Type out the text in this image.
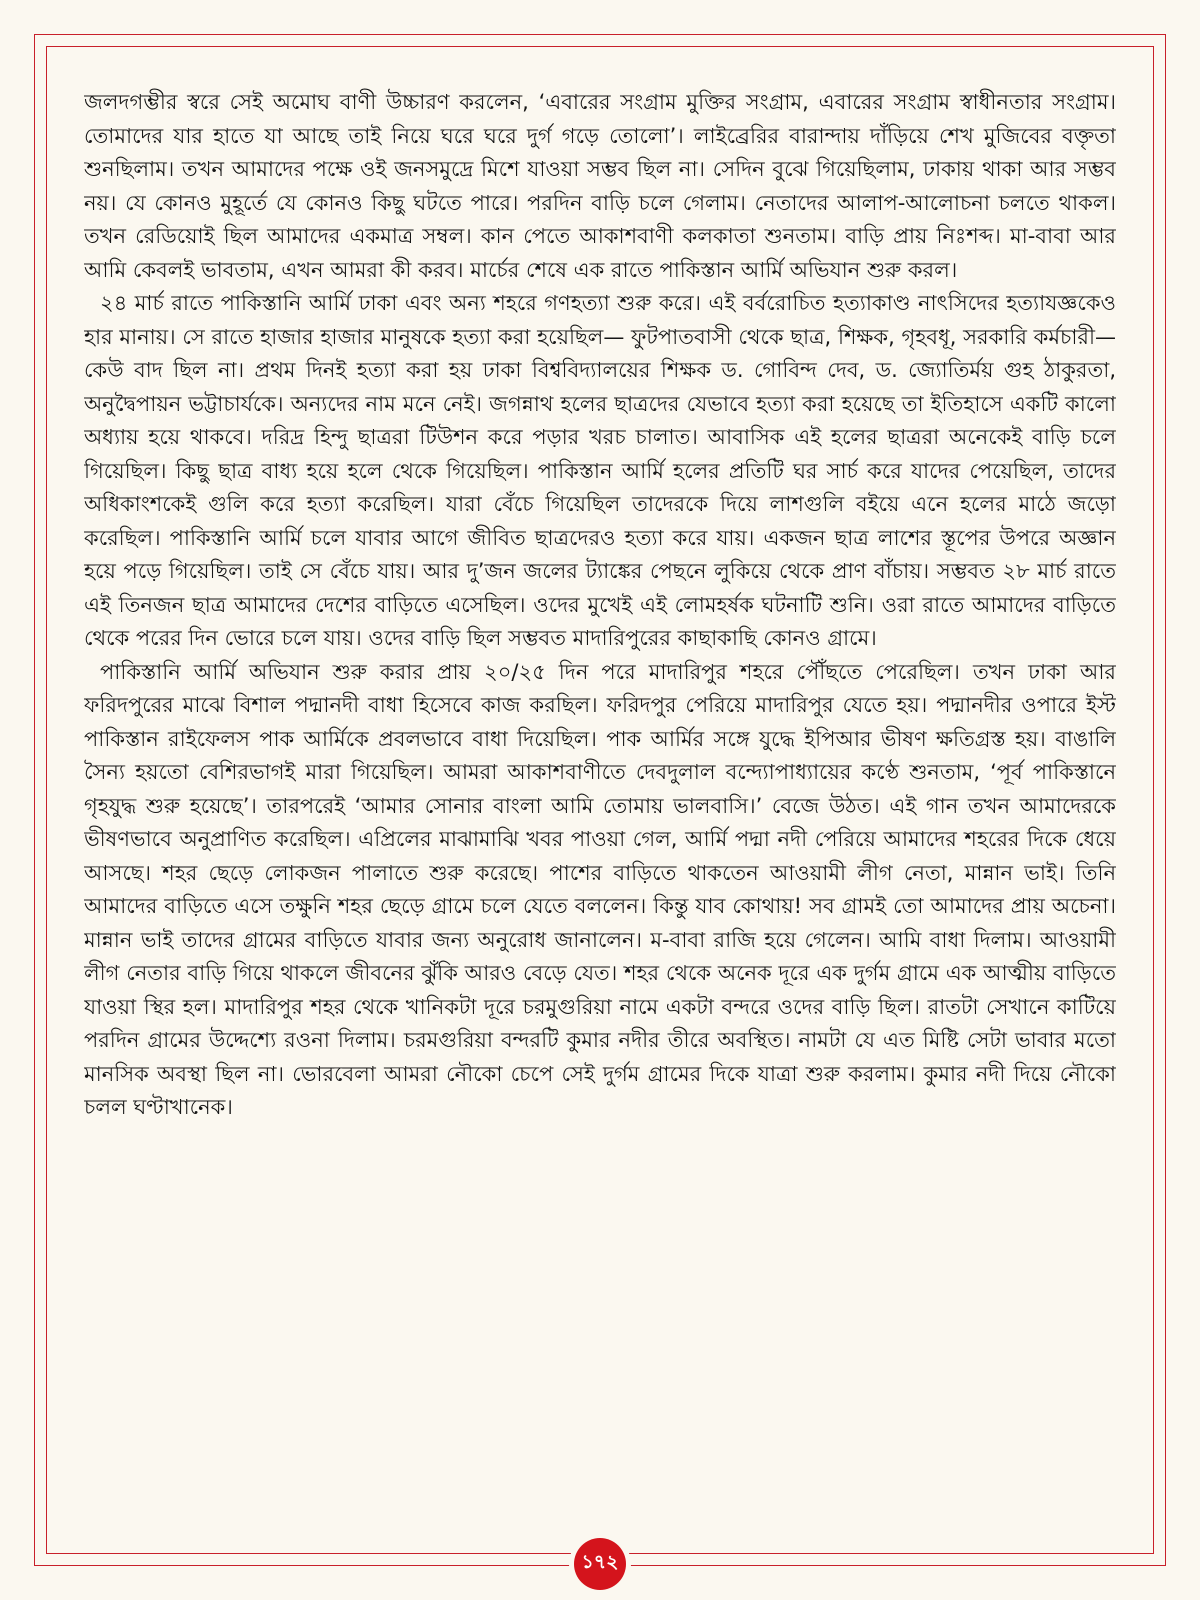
জলদগম্ভীর স্বরে সেই অমোঘ বাণী উচ্চারণ করলেন, ‘এবারের সংগ্রাম মুক্তির সংগ্রাম, এবারের সংগ্রাম স্বাধীনতার সংগ্রাম। তোমাদের যার হাতে যা আছে তাই নিয়ে ঘরে ঘরে দুর্গ গড়ে তোলো’। লাইব্রেরির বারান্দায় দাঁড়িয়ে শেখ মুজিবের বক্তৃতা শুনছিলাম। তখন আমাদের পক্ষে ওই জনসমুদ্রে মিশে যাওয়া সম্ভব ছিল না। সেদিন বুঝে গিয়েছিলাম, ঢাকায় থাকা আর সম্ভব নয়। যে কোনও মুহূর্তে যে কোনও কিছু ঘটতে পারে। পরদিন বাড়ি চলে গেলাম। নেতাদের আলাপ-আলোচনা চলতে থাকল। তখন রেডিয়োই ছিল আমাদের একমাত্র সম্বল। কান পেতে আকাশবাণী কলকাতা শুনতাম। বাড়ি প্রায় নিঃশব্দ। মা-বাবা আর আমি কেবলই ভাবতাম, এখন আমরা কী করব। মার্চের শেষে এক রাতে পাকিস্তান আর্মি অভিযান শুরু করল।

২৪ মার্চ রাতে পাকিস্তানি আর্মি ঢাকা এবং অন্য শহরে গণহত্যা শুরু করে। এই বর্বরোচিত হত্যাকাণ্ড নাৎসিদের হত্যাযজ্ঞকেও হার মানায়। সে রাতে হাজার হাজার মানুষকে হত্যা করা হয়েছিল— ফুটপাতবাসী থেকে ছাত্র, শিক্ষক, গৃহবধূ, সরকারি কর্মচারী—কেউ বাদ ছিল না। প্রথম দিনই হত্যা করা হয় ঢাকা বিশ্ববিদ্যালয়ের শিক্ষক ড. গোবিন্দ দেব, ড. জ্যোতির্ময় গুহ ঠাকুরতা, অনুদ্বৈপায়ন ভট্টাচার্যকে। অন্যদের নাম মনে নেই। জগন্নাথ হলের ছাত্রদের যেভাবে হত্যা করা হয়েছে তা ইতিহাসে একটি কালো অধ্যায় হয়ে থাকবে। দরিদ্র হিন্দু ছাত্ররা টিউশন করে পড়ার খরচ চালাত। আবাসিক এই হলের ছাত্ররা অনেকেই বাড়ি চলে গিয়েছিল। কিছু ছাত্র বাধ্য হয়ে হলে থেকে গিয়েছিল। পাকিস্তান আর্মি হলের প্রতিটি ঘর সার্চ করে যাদের পেয়েছিল, তাদের অধিকাংশকেই গুলি করে হত্যা করেছিল। যারা বেঁচে গিয়েছিল তাদেরকে দিয়ে লাশগুলি বইয়ে এনে হলের মাঠে জড়ো করেছিল। পাকিস্তানি আর্মি চলে যাবার আগে জীবিত ছাত্রদেরও হত্যা করে যায়। একজন ছাত্র লাশের স্তূপের উপরে অজ্ঞান হয়ে পড়ে গিয়েছিল। তাই সে বেঁচে যায়। আর দু’জন জলের ট্যাঙ্কের পেছনে লুকিয়ে থেকে প্রাণ বাঁচায়। সম্ভবত ২৮ মার্চ রাতে এই তিনজন ছাত্র আমাদের দেশের বাড়িতে এসেছিল। ওদের মুখেই এই লোমহর্ষক ঘটনাটি শুনি। ওরা রাতে আমাদের বাড়িতে থেকে পরের দিন ভোরে চলে যায়। ওদের বাড়ি ছিল সম্ভবত মাদারিপুরের কাছাকাছি কোনও গ্রামে।

পাকিস্তানি আর্মি অভিযান শুরু করার প্রায় ২০/২৫ দিন পরে মাদারিপুর শহরে পৌঁছতে পেরেছিল। তখন ঢাকা আর ফরিদপুরের মাঝে বিশাল পদ্মানদী বাধা হিসেবে কাজ করছিল। ফরিদপুর পেরিয়ে মাদারিপুর যেতে হয়। পদ্মানদীর ওপারে ইস্ট পাকিস্তান রাইফেলস পাক আর্মিকে প্রবলভাবে বাধা দিয়েছিল। পাক আর্মির সঙ্গে যুদ্ধে ইপিআর ভীষণ ক্ষতিগ্রস্ত হয়। বাঙালি সৈন্য হয়তো বেশিরভাগই মারা গিয়েছিল। আমরা আকাশবাণীতে দেবদুলাল বন্দ্যোপাধ্যায়ের কণ্ঠে শুনতাম, ‘পূর্ব পাকিস্তানে গৃহযুদ্ধ শুরু হয়েছে’। তারপরেই ‘আমার সোনার বাংলা আমি তোমায় ভালবাসি।’ বেজে উঠত। এই গান তখন আমাদেরকে ভীষণভাবে অনুপ্রাণিত করেছিল। এপ্রিলের মাঝামাঝি খবর পাওয়া গেল, আর্মি পদ্মা নদী পেরিয়ে আমাদের শহরের দিকে ধেয়ে আসছে। শহর ছেড়ে লোকজন পালাতে শুরু করেছে। পাশের বাড়িতে থাকতেন আওয়ামী লীগ নেতা, মান্নান ভাই। তিনি আমাদের বাড়িতে এসে তক্ষুনি শহর ছেড়ে গ্রামে চলে যেতে বললেন। কিন্তু যাব কোথায়! সব গ্রামই তো আমাদের প্রায় অচেনা। মান্নান ভাই তাদের গ্রামের বাড়িতে যাবার জন্য অনুরোধ জানালেন। ম-বাবা রাজি হয়ে গেলেন। আমি বাধা দিলাম। আওয়ামী লীগ নেতার বাড়ি গিয়ে থাকলে জীবনের ঝুঁকি আরও বেড়ে যেত। শহর থেকে অনেক দূরে এক দুর্গম গ্রামে এক আত্মীয় বাড়িতে যাওয়া স্থির হল। মাদারিপুর শহর থেকে খানিকটা দূরে চরমুগুরিয়া নামে একটা বন্দরে ওদের বাড়ি ছিল। রাতটা সেখানে কাটিয়ে পরদিন গ্রামের উদ্দেশ্যে রওনা দিলাম। চরমগুরিয়া বন্দরটি কুমার নদীর তীরে অবস্থিত। নামটা যে এত মিষ্টি সেটা ভাবার মতো মানসিক অবস্থা ছিল না। ভোরবেলা আমরা নৌকো চেপে সেই দুর্গম গ্রামের দিকে যাত্রা শুরু করলাম। কুমার নদী দিয়ে নৌকো চলল ঘণ্টাখানেক।

১৭২
